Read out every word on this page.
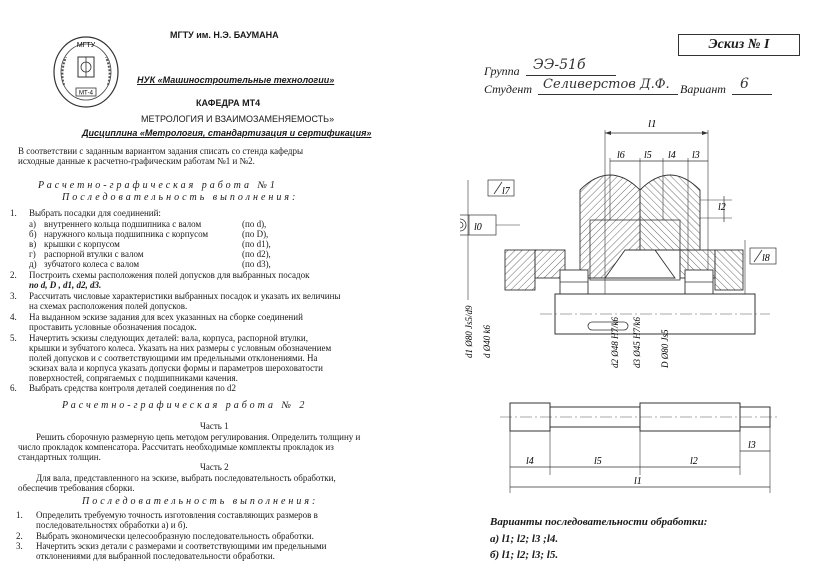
МГТУ
МТ-4
МГТУ им. Н.Э. БАУМАНА
НУК «Машиностроительные технологии»
КАФЕДРА МТ4
МЕТРОЛОГИЯ И ВЗАИМОЗАМЕНЯЕМОСТЬ»
Дисциплина «Метрология, стандартизация и сертификация»
В соответствии с заданным вариантом задания списать со стенда кафедры
исходные данные к расчетно-графическим работам №1 и №2.
Расчетно-графическая работа №1
Последовательность выполнения:
1. Выбрать посадки для соединений:
а) внутреннего кольца подшипника с валом	(по d),
б) наружного кольца подшипника с корпусом	(по D),
в) крышки с корпусом	(по d1),
г) распорной втулки с валом	(по d2),
д) зубчатого колеса с валом	(по d3),
2. Построить схемы расположения полей допусков для выбранных посадок
по d, D , d1, d2, d3.
3. Рассчитать числовые характеристики выбранных посадок и указать их величины
на схемах расположения полей допусков.
4. На выданном эскизе задания для всех указанных на сборке соединений
проставить условные обозначения посадок.
5. Начертить эскизы следующих деталей: вала, корпуса, распорной втулки,
крышки и зубчатого колеса. Указать на них размеры с условным обозначением
полей допусков и с соответствующими им предельными отклонениями. На
эскизах вала и корпуса указать допуски формы и параметров шероховатости
поверхностей, сопрягаемых с подшипниками качения.
6. Выбрать средства контроля деталей соединения по d2
Расчетно-графическая работа № 2
Часть 1
Решить сборочную размерную цепь методом регулирования. Определить толщину и
число прокладок компенсатора. Рассчитать необходимые комплекты прокладок из
стандартных толщин.
Часть 2
Для вала, представленного на эскизе, выбрать последовательность обработки,
обеспечив требования сборки.
Последовательность выполнения:
1. Определить требуемую точность изготовления составляющих размеров в
последовательностях обработки а) и б).
2. Выбрать экономически целесообразную последовательность обработки.
3. Начертить эскиз детали с размерами и соответствующими им предельными
отклонениями для выбранной последовательности обработки.
Эскиз № I
Группа ЭЭ-51б
Студент Селиверстов Д.Ф. Вариант 6
l1
l6 l5 l4 l3
l7
l2
l0
l8
d1 Ø80 Js5/d9 d Ø40 k6	d2 Ø48 H7/k6 d3 Ø45 H7/k6 D Ø80 Js5
l4	l5	l2
l3
l1
Варианты последовательности обработки:
а) l1; l2; l3 ;l4.
б) l1; l2; l3; l5.
